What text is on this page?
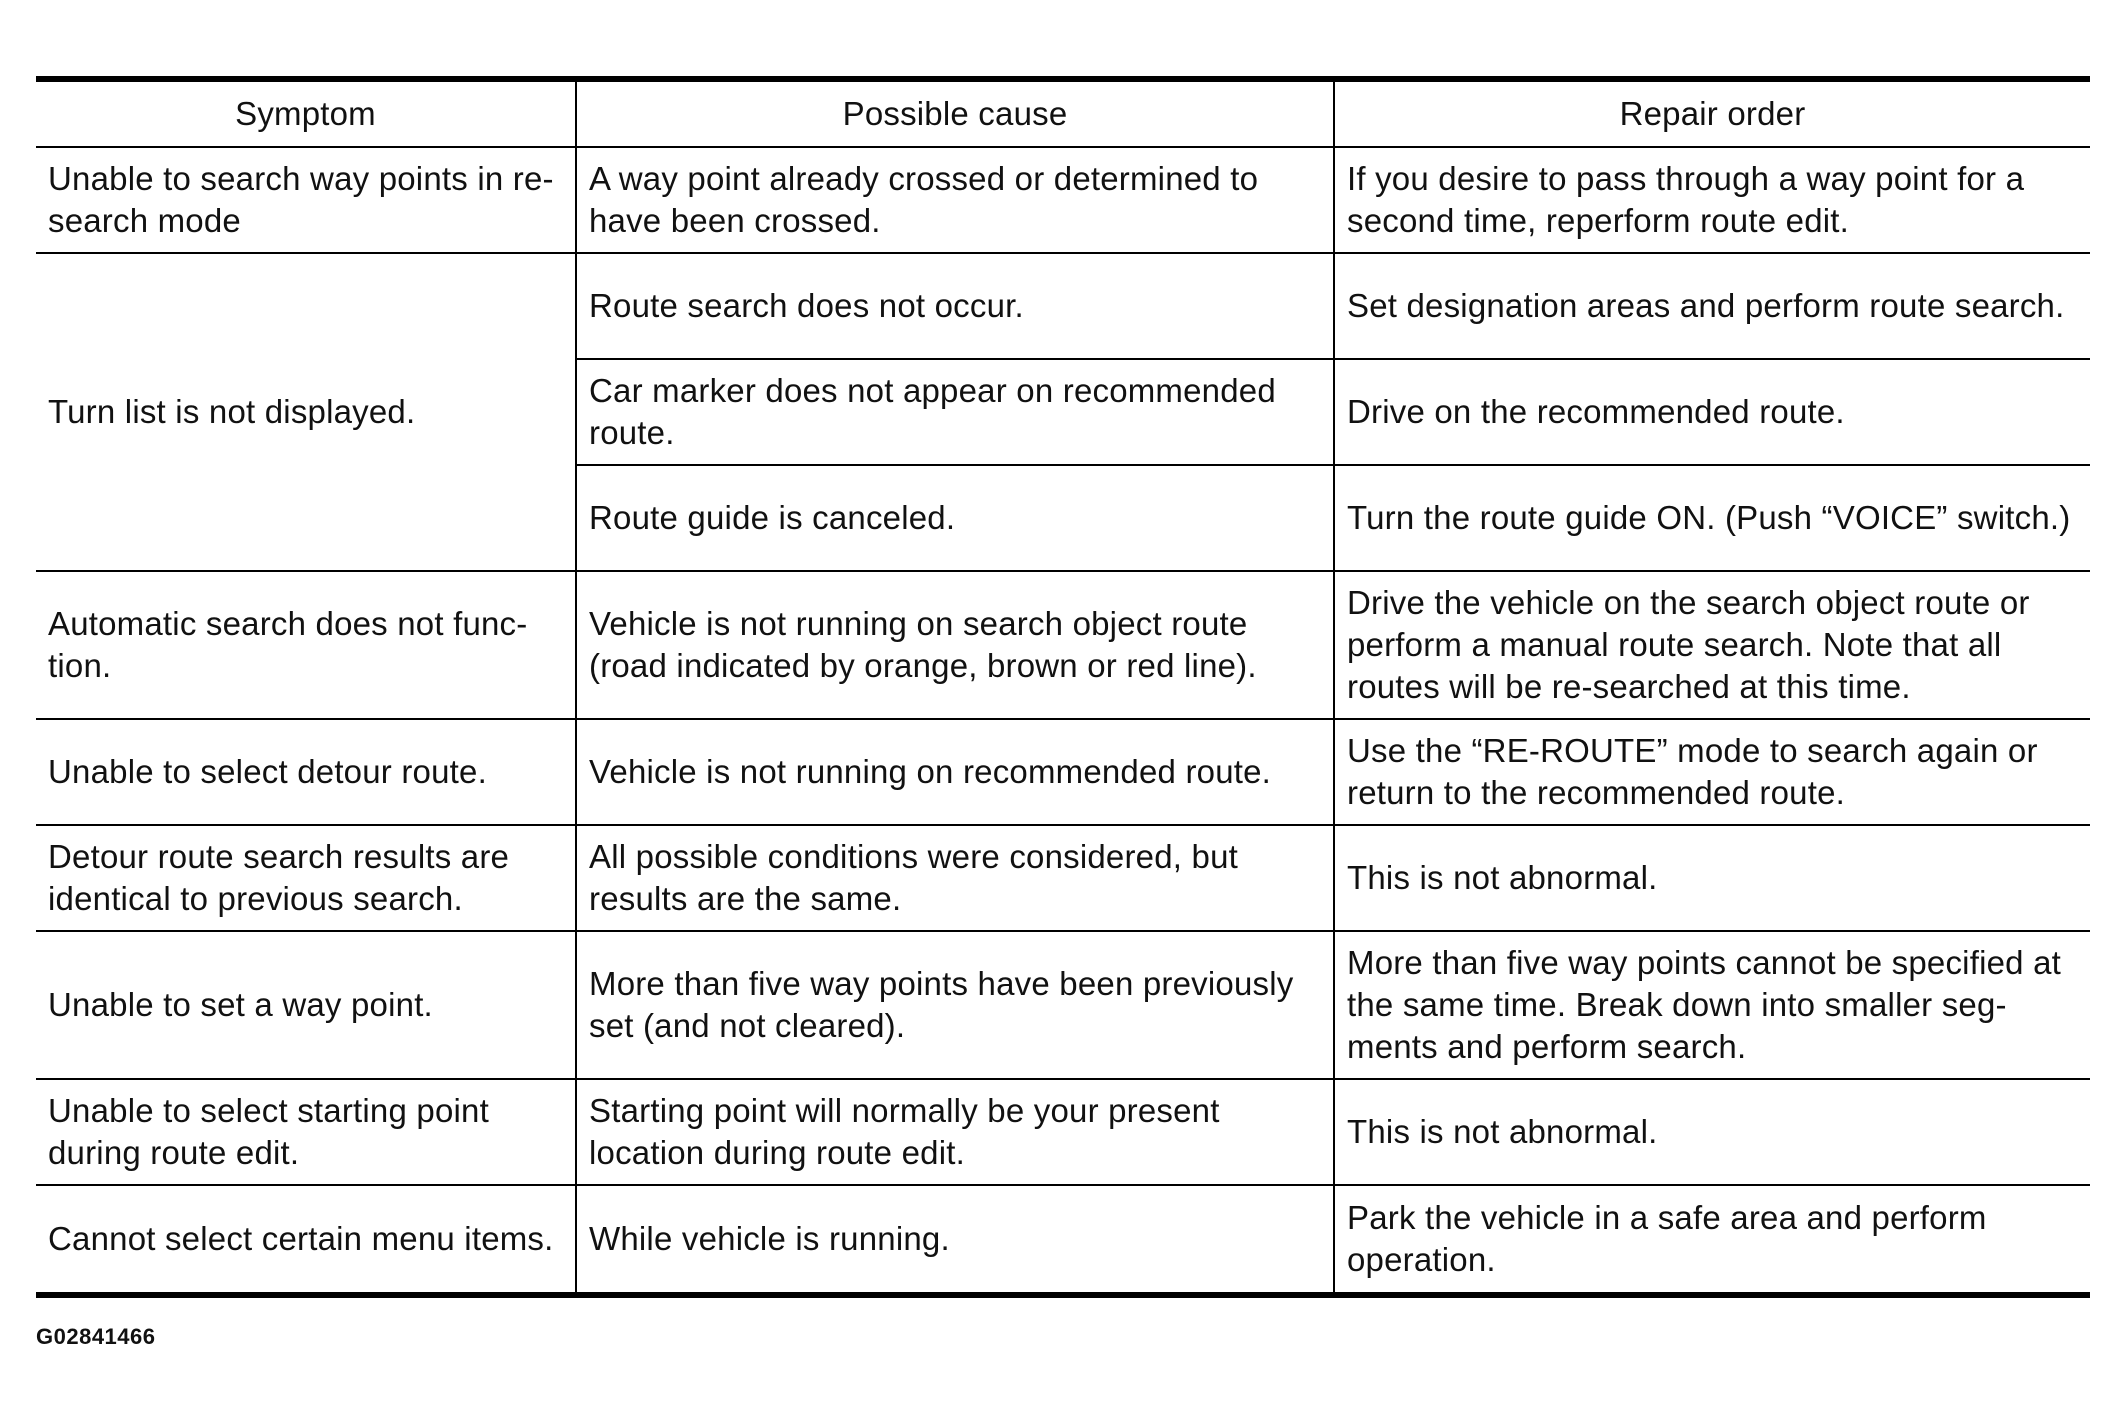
Symptom	Possible cause	Repair order
Unable to search way points in re-search mode	A way point already crossed or determined to have been crossed.	If you desire to pass through a way point for a second time, reperform route edit.
Turn list is not displayed.	Route search does not occur.	Set designation areas and perform route search.
	Car marker does not appear on recommended route.	Drive on the recommended route.
	Route guide is canceled.	Turn the route guide ON. (Push “VOICE” switch.)
Automatic search does not function.	Vehicle is not running on search object route (road indicated by orange, brown or red line).	Drive the vehicle on the search object route or perform a manual route search. Note that all routes will be re-searched at this time.
Unable to select detour route.	Vehicle is not running on recommended route.	Use the “RE-ROUTE” mode to search again or return to the recommended route.
Detour route search results are identical to previous search.	All possible conditions were considered, but results are the same.	This is not abnormal.
Unable to set a way point.	More than five way points have been previously set (and not cleared).	More than five way points cannot be specified at the same time. Break down into smaller segments and perform search.
Unable to select starting point during route edit.	Starting point will normally be your present location during route edit.	This is not abnormal.
Cannot select certain menu items.	While vehicle is running.	Park the vehicle in a safe area and perform operation.
G02841466
